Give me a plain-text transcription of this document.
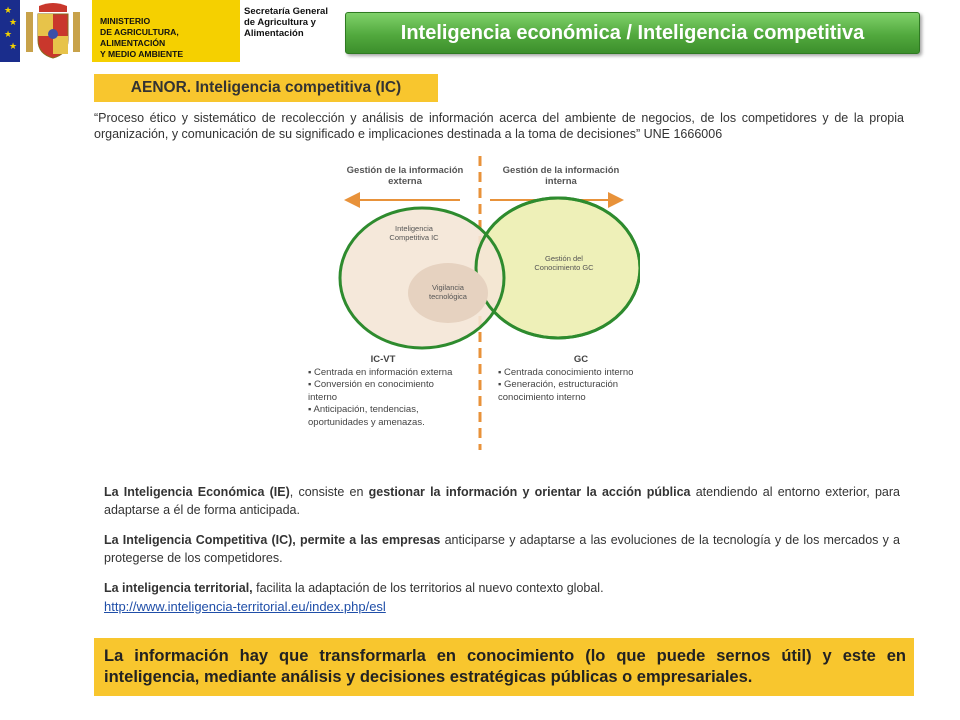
★
★
★
★
MINISTERIO
DE AGRICULTURA, ALIMENTACIÓN
Y MEDIO AMBIENTE
Secretaría General
de Agricultura y
Alimentación	Inteligencia económica / Inteligencia competitiva
AENOR. Inteligencia competitiva (IC)
“Proceso ético y sistemático de recolección y análisis de información acerca del ambiente de negocios, de los competidores y de la propia organización, y comunicación de su significado e implicaciones destinada a la toma de decisiones” UNE 1666006
Gestión de la información externa
Gestión de la información interna
Inteligencia Competitiva IC
Gestión del Conocimiento GC
Vigilancia tecnológica
IC-VT
▪ Centrada en información externa
▪ Conversión en conocimiento interno
▪ Anticipación, tendencias, oportunidades y amenazas.
GC
▪ Centrada conocimiento interno
▪ Generación, estructuración conocimiento interno

La Inteligencia Económica (IE), consiste en gestionar la información y orientar la acción pública atendiendo al entorno exterior, para adaptarse a él de forma anticipada.

La Inteligencia Competitiva (IC), permite a las empresas anticiparse y adaptarse a las evoluciones de la tecnología y de los mercados y a protegerse de los competidores.

La inteligencia territorial, facilita la adaptación de los territorios al nuevo contexto global.
http://www.inteligencia-territorial.eu/index.php/esl

La información hay que transformarla en conocimiento (lo que puede sernos útil) y este en inteligencia, mediante análisis y decisiones estratégicas públicas o empresariales.
